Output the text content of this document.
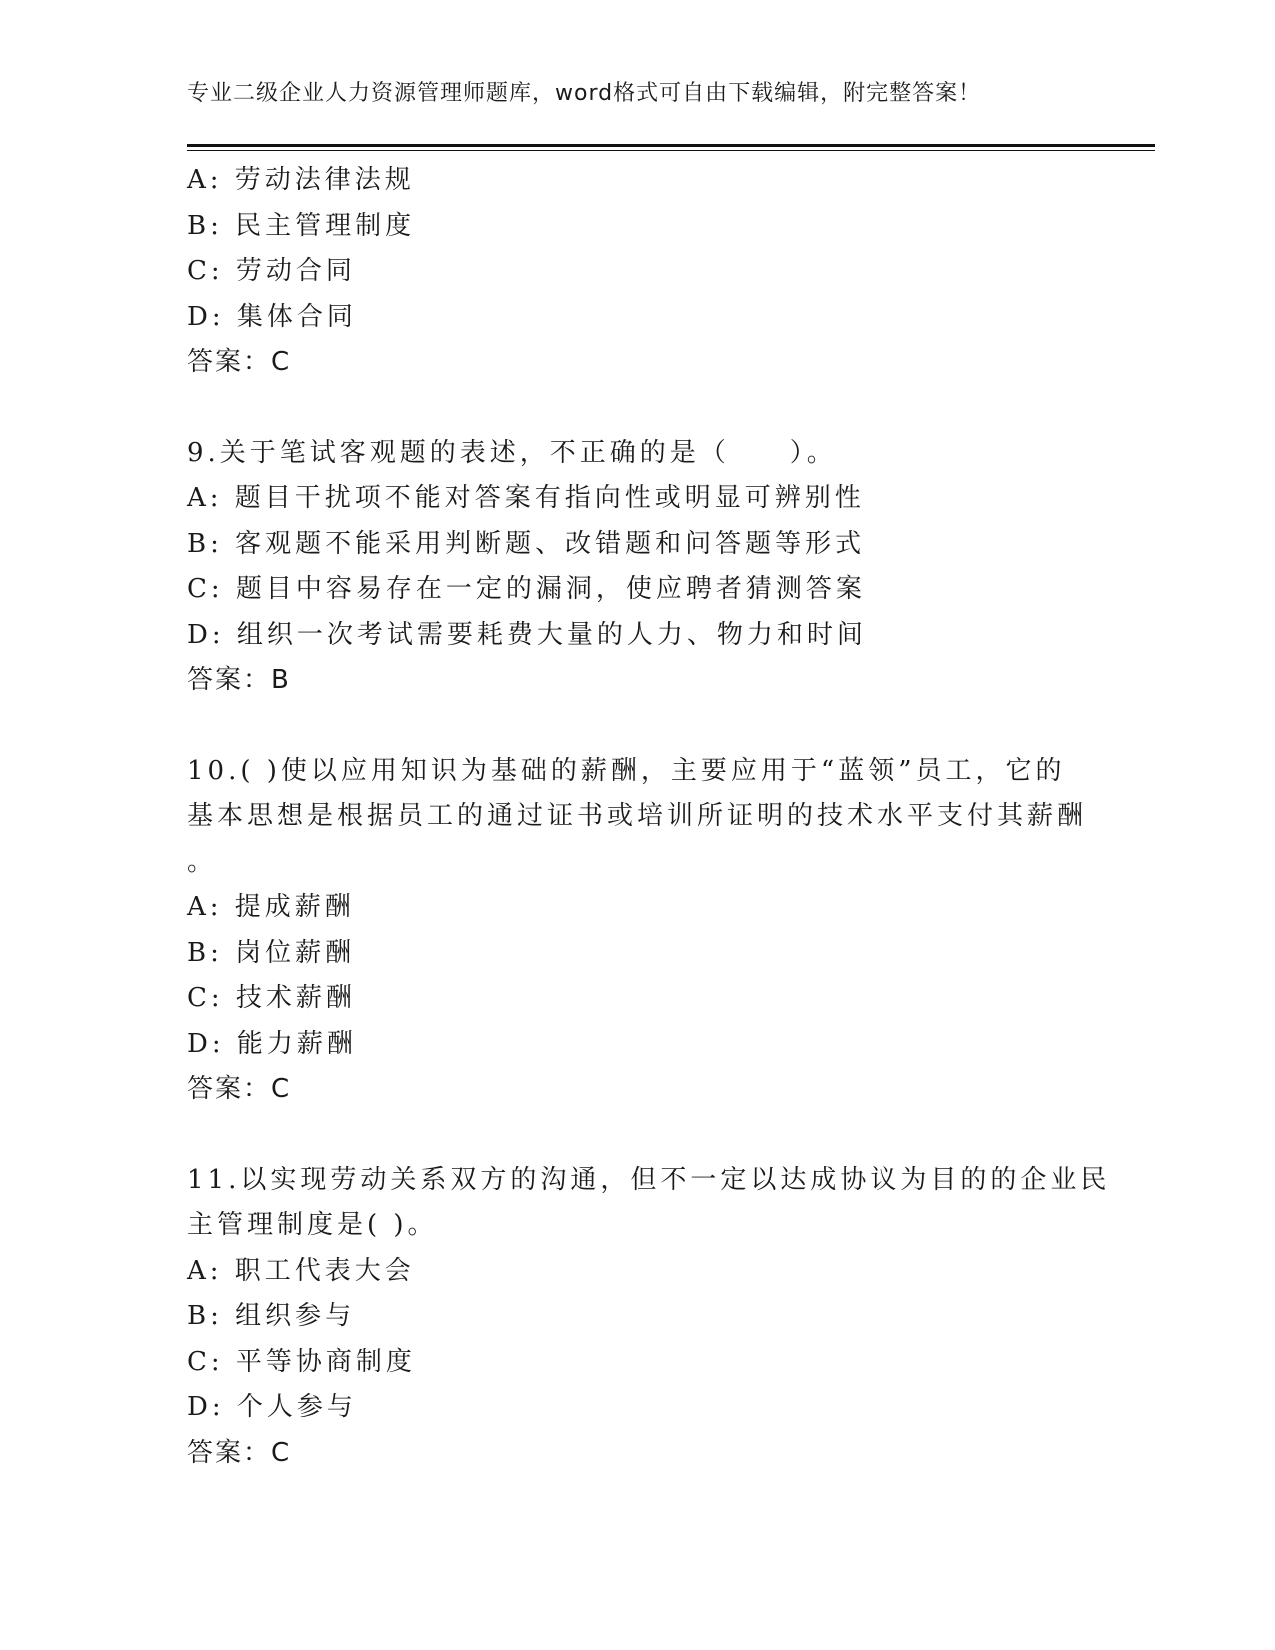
专业二级企业人力资源管理师题库，word格式可自由下载编辑，附完整答案！
A: 劳动法律法规
B: 民主管理制度
C: 劳动合同
D: 集体合同
答案：C
9.关于笔试客观题的表述，不正确的是（　　）。
A: 题目干扰项不能对答案有指向性或明显可辨别性
B: 客观题不能采用判断题、改错题和问答题等形式
C: 题目中容易存在一定的漏洞，使应聘者猜测答案
D: 组织一次考试需要耗费大量的人力、物力和时间
答案：B
10.( )使以应用知识为基础的薪酬，主要应用于“蓝领”员工，它的
基本思想是根据员工的通过证书或培训所证明的技术水平支付其薪酬
。
A: 提成薪酬
B: 岗位薪酬
C: 技术薪酬
D: 能力薪酬
答案：C
11.以实现劳动关系双方的沟通，但不一定以达成协议为目的的企业民
主管理制度是( )。
A: 职工代表大会
B: 组织参与
C: 平等协商制度
D: 个人参与
答案：C
